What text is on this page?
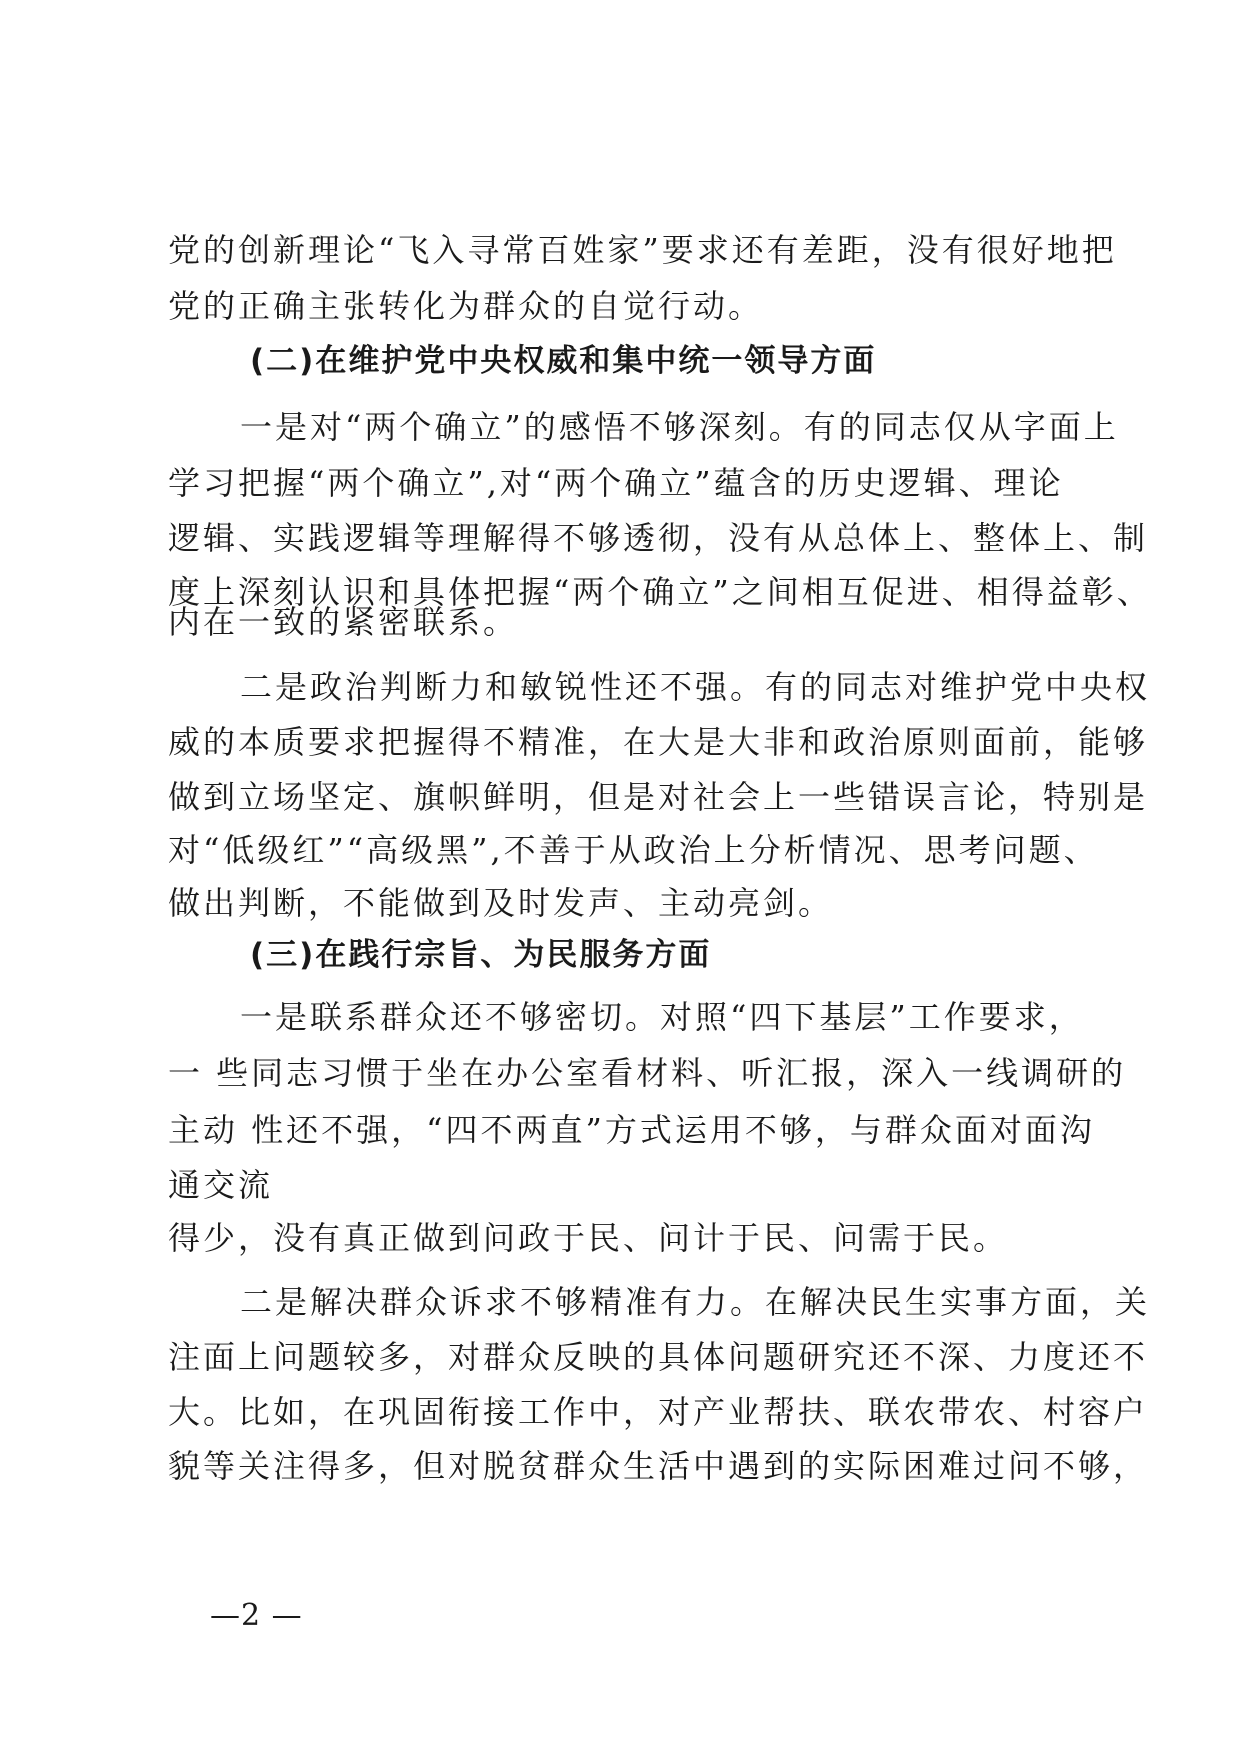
党的创新理论“飞入寻常百姓家”要求还有差距，没有很好地把
党的正确主张转化为群众的自觉行动。
(二)在维护党中央权威和集中统一领导方面
一是对“两个确立”的感悟不够深刻。有的同志仅从字面上
学习把握“两个确立”,对“两个确立”蕴含的历史逻辑、理论
逻辑、实践逻辑等理解得不够透彻，没有从总体上、整体上、制
度上深刻认识和具体把握“两个确立”之间相互促进、相得益彰、
内在一致的紧密联系。
二是政治判断力和敏锐性还不强。有的同志对维护党中央权
威的本质要求把握得不精准，在大是大非和政治原则面前，能够
做到立场坚定、旗帜鲜明，但是对社会上一些错误言论，特别是
对“低级红”“高级黑”,不善于从政治上分析情况、思考问题、
做出判断，不能做到及时发声、主动亮剑。
(三)在践行宗旨、为民服务方面
一是联系群众还不够密切。对照“四下基层”工作要求，
一 些同志习惯于坐在办公室看材料、听汇报，深入一线调研的
主动 性还不强，“四不两直”方式运用不够，与群众面对面沟
通交流
得少，没有真正做到问政于民、问计于民、问需于民。
二是解决群众诉求不够精准有力。在解决民生实事方面，关
注面上问题较多，对群众反映的具体问题研究还不深、力度还不
大。比如，在巩固衔接工作中，对产业帮扶、联农带农、村容户
貌等关注得多，但对脱贫群众生活中遇到的实际困难过问不够，
—2 —
